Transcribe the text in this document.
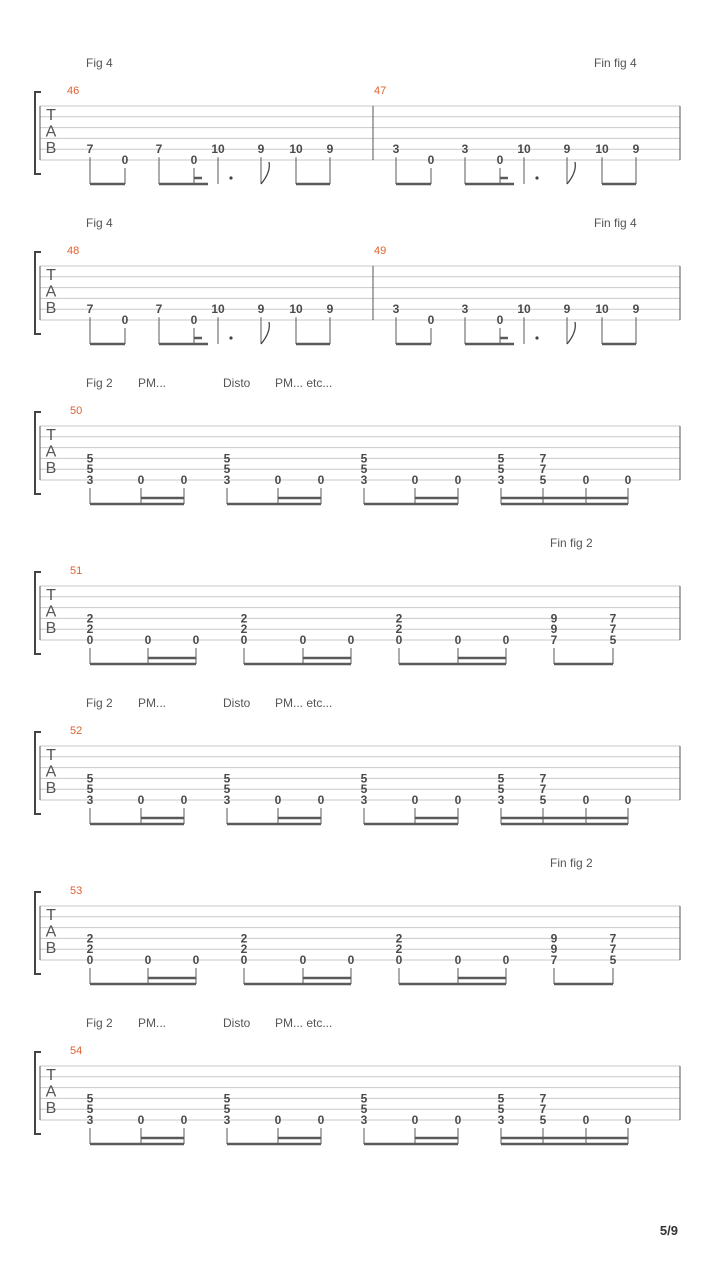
Fig 4	Fin fig 4
T
A
B
46
7
0
7
0
10	9 10 9
47
3
0
3
0
10	9 10 9
Fig 4	Fin fig 4
T
A
B
48
7
0
7
0
10	9 10 9
49
3
0
3
0
10	9 10 9
Fig 2 PM...	Disto PM... etc...
T
A
B
50
5
5
3	0	0
5
5
3	0	0
5
5
3	0	0
5
5
3
7
7
5	0	0
Fin fig 2
T
A
B
51
2
2
0	0	0
2
2
0	0	0
2
2
0	0	0
9
9
7
7
7
5
Fig 2 PM...	Disto PM... etc...
T
A
B
52
5
5
3	0	0
5
5
3	0	0
5
5
3	0	0
5
5
3
7
7
5	0	0
Fin fig 2
T
A
B
53
2
2
0	0	0
2
2
0	0	0
2
2
0	0	0
9
9
7
7
7
5
Fig 2 PM...	Disto PM... etc...
T
A
B
54
5
5
3	0	0
5
5
3	0	0
5
5
3	0	0
5
5
3
7
7
5	0	0
5/9
